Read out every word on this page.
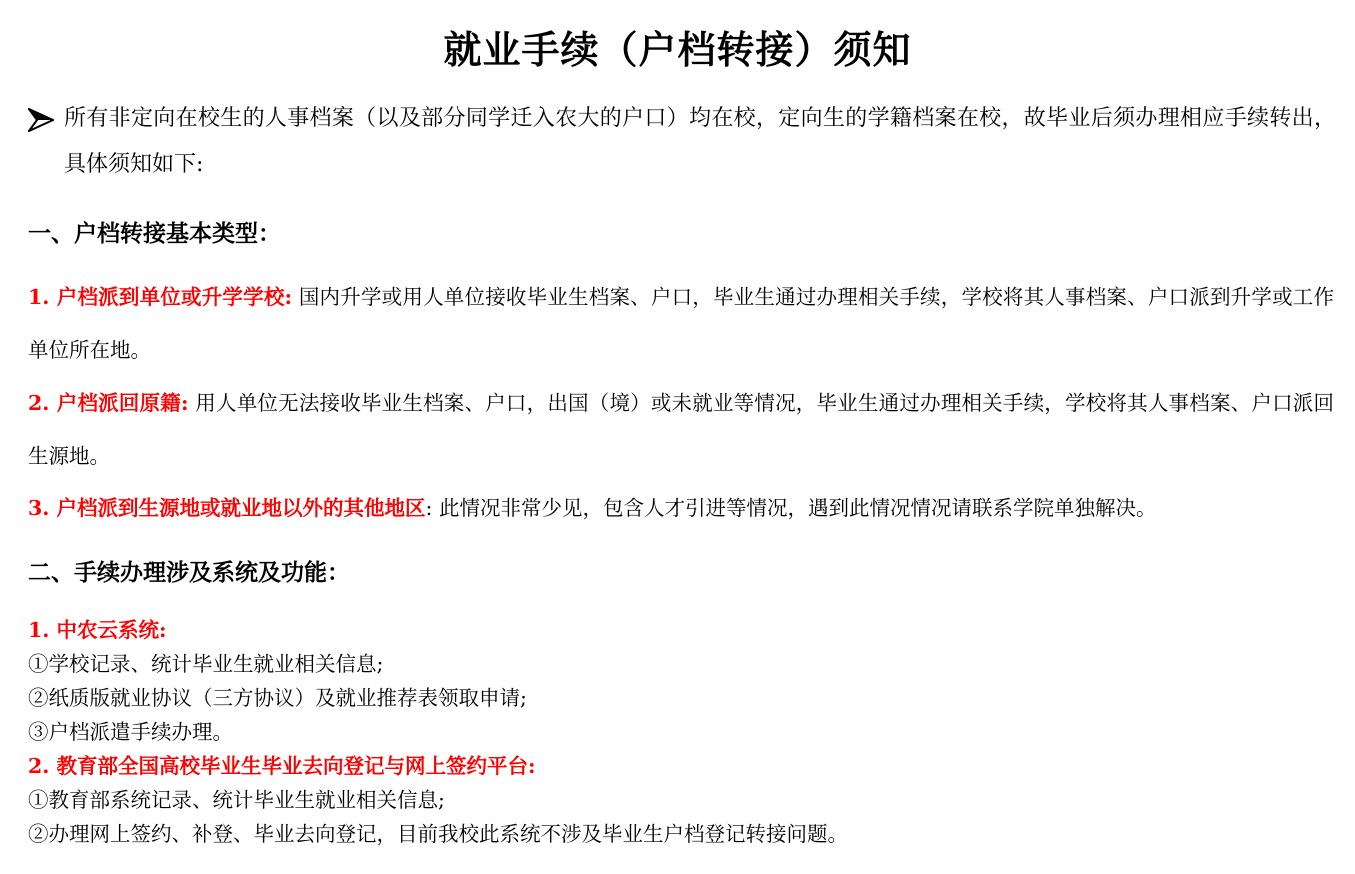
就业手续（户档转接）须知
所有非定向在校生的人事档案（以及部分同学迁入农大的户口）均在校，定向生的学籍档案在校，故毕业后须办理相应手续转出，具体须知如下:
一、户档转接基本类型：
1. 户档派到单位或升学学校: 国内升学或用人单位接收毕业生档案、户口，毕业生通过办理相关手续，学校将其人事档案、户口派到升学或工作单位所在地。
2. 户档派回原籍: 用人单位无法接收毕业生档案、户口，出国（境）或未就业等情况，毕业生通过办理相关手续，学校将其人事档案、户口派回生源地。
3. 户档派到生源地或就业地以外的其他地区: 此情况非常少见，包含人才引进等情况，遇到此情况情况请联系学院单独解决。
二、手续办理涉及系统及功能：
1. 中农云系统:
①学校记录、统计毕业生就业相关信息;
②纸质版就业协议（三方协议）及就业推荐表领取申请;
③户档派遣手续办理。
2. 教育部全国高校毕业生毕业去向登记与网上签约平台:
①教育部系统记录、统计毕业生就业相关信息;
②办理网上签约、补登、毕业去向登记，目前我校此系统不涉及毕业生户档登记转接问题。
